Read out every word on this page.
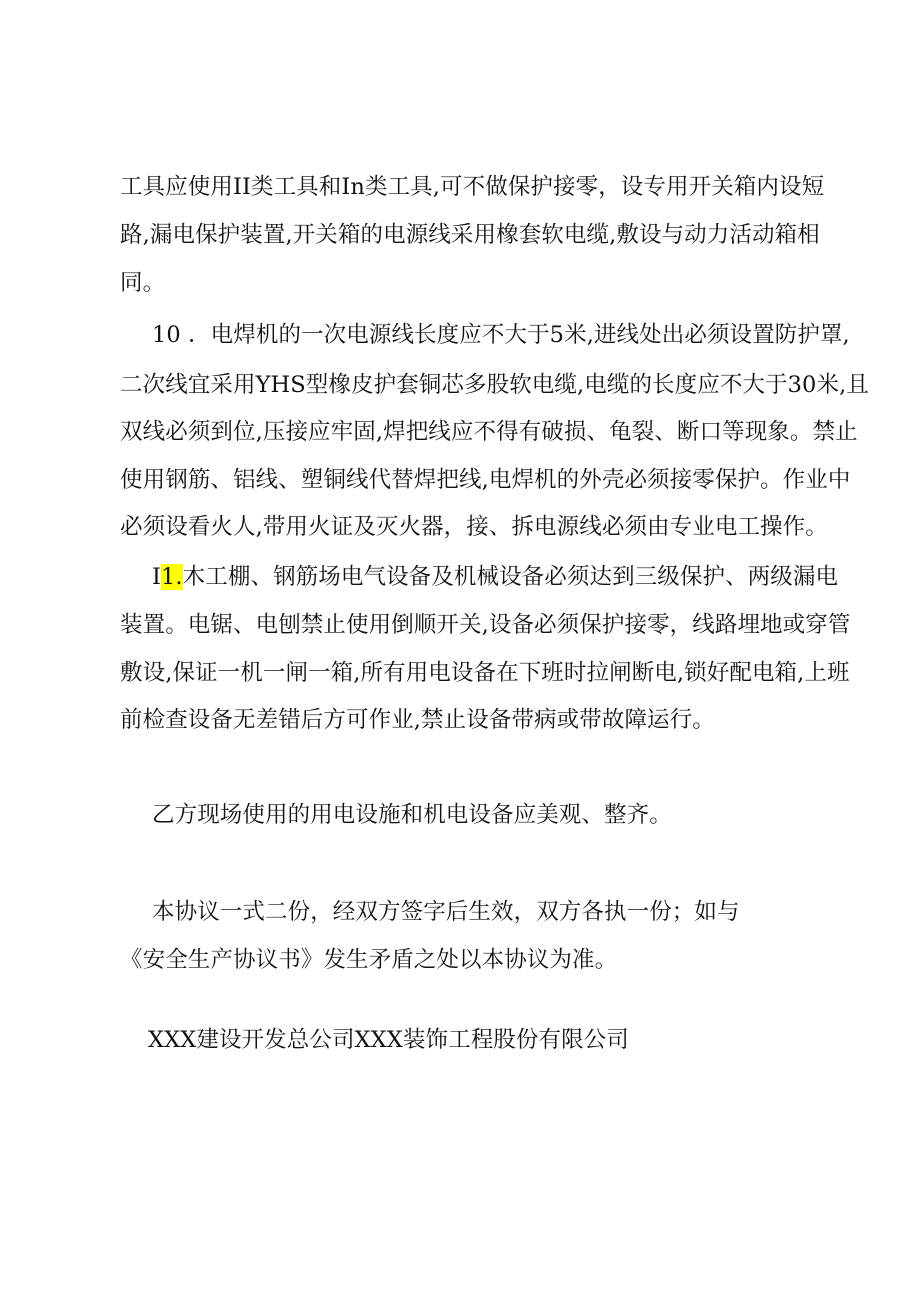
工具应使用II类工具和In类工具,可不做保护接零，设专用开关箱内设短
路,漏电保护装置,开关箱的电源线采用橡套软电缆,敷设与动力活动箱相
同。
10 ．电焊机的一次电源线长度应不大于5米,进线处出必须设置防护罩,
二次线宜采用YHS型橡皮护套铜芯多股软电缆,电缆的长度应不大于30米,且
双线必须到位,压接应牢固,焊把线应不得有破损、龟裂、断口等现象。禁止
使用钢筋、铝线、塑铜线代替焊把线,电焊机的外壳必须接零保护。作业中
必须设看火人,带用火证及灭火器，接、拆电源线必须由专业电工操作。
I1.木工棚、钢筋场电气设备及机械设备必须达到三级保护、两级漏电
装置。电锯、电刨禁止使用倒顺开关,设备必须保护接零，线路埋地或穿管
敷设,保证一机一闸一箱,所有用电设备在下班时拉闸断电,锁好配电箱,上班
前检查设备无差错后方可作业,禁止设备带病或带故障运行。
乙方现场使用的用电设施和机电设备应美观、整齐。
本协议一式二份，经双方签字后生效，双方各执一份；如与
《安全生产协议书》发生矛盾之处以本协议为准。
XXX建设开发总公司XXX装饰工程股份有限公司
